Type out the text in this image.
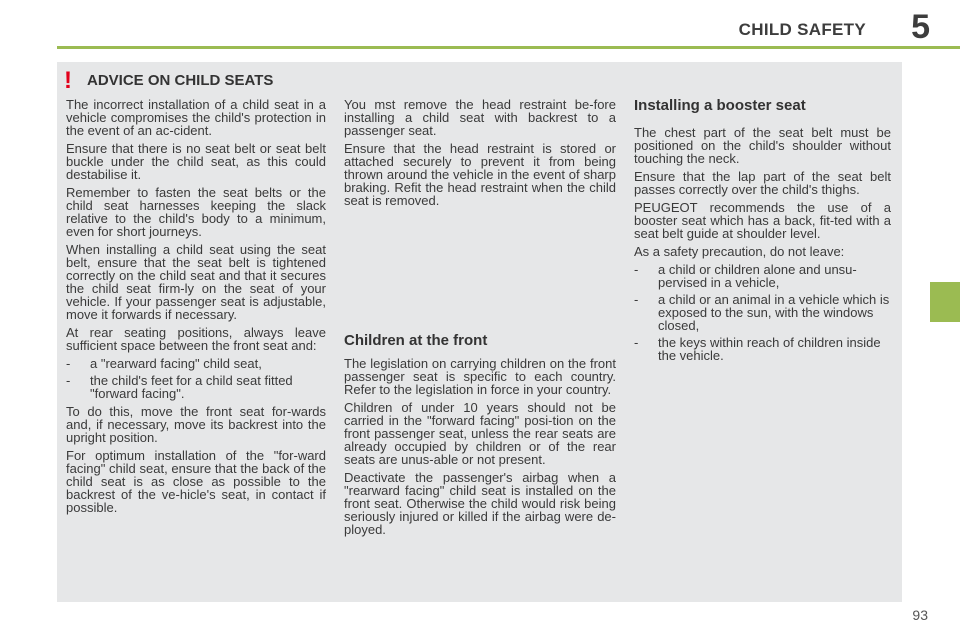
CHILD SAFETY 5
! ADVICE ON CHILD SEATS

The incorrect installation of a child seat in a vehicle compromises the child's protection in the event of an ac-cident.

Ensure that there is no seat belt or seat belt buckle under the child seat, as this could destabilise it.

Remember to fasten the seat belts or the child seat harnesses keeping the slack relative to the child's body to a minimum, even for short journeys.

When installing a child seat using the seat belt, ensure that the seat belt is tightened correctly on the child seat and that it secures the child seat firm-ly on the seat of your vehicle. If your passenger seat is adjustable, move it forwards if necessary.

At rear seating positions, always leave sufficient space between the front seat and:

- a "rearward facing" child seat,
- the child's feet for a child seat fitted "forward facing".

To do this, move the front seat for-wards and, if necessary, move its backrest into the upright position.

For optimum installation of the "for-ward facing" child seat, ensure that the back of the child seat is as close as possible to the backrest of the ve-hicle's seat, in contact if possible.

You mst remove the head restraint be-fore installing a child seat with backrest to a passenger seat.

Ensure that the head restraint is stored or attached securely to prevent it from being thrown around the vehicle in the event of sharp braking. Refit the head restraint when the child seat is removed.

Children at the front

The legislation on carrying children on the front passenger seat is specific to each country. Refer to the legislation in force in your country.

Children of under 10 years should not be carried in the "forward facing" posi-tion on the front passenger seat, unless the rear seats are already occupied by children or of the rear seats are unus-able or not present.

Deactivate the passenger's airbag when a "rearward facing" child seat is installed on the front seat. Otherwise the child would risk being seriously injured or killed if the airbag were de-ployed.

Installing a booster seat

The chest part of the seat belt must be positioned on the child's shoulder without touching the neck.

Ensure that the lap part of the seat belt passes correctly over the child's thighs.

PEUGEOT recommends the use of a booster seat which has a back, fit-ted with a seat belt guide at shoulder level.

As a safety precaution, do not leave:

- a child or children alone and unsu-pervised in a vehicle,
- a child or an animal in a vehicle which is exposed to the sun, with the windows closed,
- the keys within reach of children inside the vehicle.
93
